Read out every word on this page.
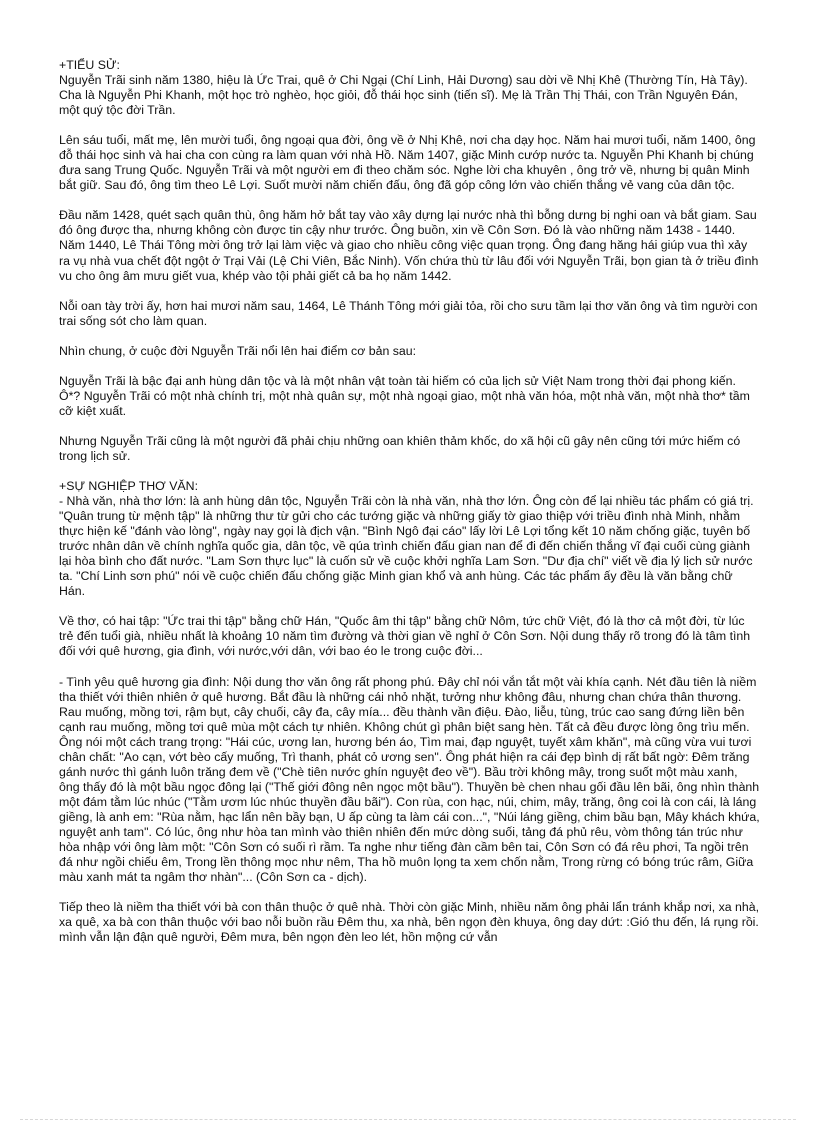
+TIỂU SỬ:

Nguyễn Trãi sinh năm 1380, hiệu là Ức Trai, quê ở Chi Ngại (Chí Linh, Hải Dương) sau dời về Nhị Khê (Thường Tín, Hà Tây). Cha là Nguyễn Phi Khanh, một học trò nghèo, học giỏi, đỗ thái học sinh (tiến sĩ). Mẹ là Trần Thị Thái, con Trần Nguyên Đán, một quý tộc đời Trần.

Lên sáu tuổi, mất mẹ, lên mười tuổi, ông ngoại qua đời, ông về ở Nhị Khê, nơi cha dạy học. Năm hai mươi tuổi, năm 1400, ông đỗ thái học sinh và hai cha con cùng ra làm quan với nhà Hồ. Năm 1407, giặc Minh cướp nước ta. Nguyễn Phi Khanh bị chúng đưa sang Trung Quốc. Nguyễn Trãi và một người em đi theo chăm sóc. Nghe lời cha khuyên , ông trở về, nhưng bị quân Minh bắt giữ. Sau đó, ông tìm theo Lê Lợi. Suốt mười năm chiến đấu, ông đã góp công lớn vào chiến thắng vẻ vang của dân tộc.

Đầu năm 1428, quét sạch quân thù, ông hăm hở bắt tay vào xây dựng lại nước nhà thì bỗng dưng bị nghi oan và bắt giam. Sau đó ông được tha, nhưng không còn được tin cậy như trước. Ông buồn, xin về Côn Sơn. Đó là vào những năm 1438 - 1440. Năm 1440, Lê Thái Tông mời ông trở lại làm việc và giao cho nhiều công việc quan trọng. Ông đang hăng hái giúp vua thì xảy ra vụ nhà vua chết đột ngột ở Trại Vải (Lệ Chi Viên, Bắc Ninh). Vốn chứa thù từ lâu đối với Nguyễn Trãi, bọn gian tà ở triều đình vu cho ông âm mưu giết vua, khép vào tội phải giết cả ba họ năm 1442.

Nỗi oan tày trời ấy, hơn hai mươi năm sau, 1464, Lê Thánh Tông mới giải tỏa, rồi cho sưu tầm lại thơ văn ông và tìm người con trai sống sót cho làm quan.

Nhìn chung, ở cuộc đời Nguyễn Trãi nổi lên hai điểm cơ bản sau:

Nguyễn Trãi là bậc đại anh hùng dân tộc và là một nhân vật toàn tài hiếm có của lịch sử Việt Nam trong thời đại phong kiến. Ô*? Nguyễn Trãi có một nhà chính trị, một nhà quân sự, một nhà ngoại giao, một nhà văn hóa, một nhà văn, một nhà thơ* tầm cỡ kiệt xuất.

Nhưng Nguyễn Trãi cũng là một người đã phải chịu những oan khiên thảm khốc, do xã hội cũ gây nên cũng tới mức hiếm có trong lịch sử.

+SỰ NGHIỆP THƠ VĂN:

- Nhà văn, nhà thơ lớn: là anh hùng dân tộc, Nguyễn Trãi còn là nhà văn, nhà thơ lớn. Ông còn để lại nhiều tác phẩm có giá trị. "Quân trung từ mệnh tập" là những thư từ gửi cho các tướng giặc và những giấy tờ giao thiệp với triều đình nhà Minh, nhằm thực hiện kế "đánh vào lòng", ngày nay gọi là địch vận. "Bình Ngô đại cáo" lấy lời Lê Lợi tổng kết 10 năm chống giặc, tuyên bố trước nhân dân về chính nghĩa quốc gia, dân tộc, về qúa trình chiến đấu gian nan để đi đến chiến thắng vĩ đại cuối cùng giành lại hòa bình cho đất nước. "Lam Sơn thực lục" là cuốn sử về cuộc khởi nghĩa Lam Sơn. "Dư địa chí" viết về địa lý lịch sử nước ta. "Chí Linh sơn phú" nói về cuộc chiến đấu chống giặc Minh gian khổ và anh hùng. Các tác phẩm ấy đều là văn bằng chữ Hán.

Về thơ, có hai tập: "Ức trai thi tập" bằng chữ Hán, "Quốc âm thi tập" bằng chữ Nôm, tức chữ Việt, đó là thơ cả một đời, từ lúc trẻ đến tuổi già, nhiều nhất là khoảng 10 năm tìm đường và thời gian về nghỉ ở Côn Sơn. Nội dung thấy rõ trong đó là tâm tình đối với quê hương, gia đình, với nước,với dân, với bao éo le trong cuộc đời...

- Tình yêu quê hương gia đình: Nội dung thơ văn ông rất phong phú. Đây chỉ nói vắn tắt một vài khía cạnh. Nét đầu tiên là niềm tha thiết với thiên nhiên ở quê hương. Bắt đầu là những cái nhỏ nhặt, tưởng như không đâu, nhưng chan chứa thân thương. Rau muống, mồng tơi, rậm bụt, cây chuối, cây đa, cây mía... đều thành vần điệu. Đào, liễu, tùng, trúc cao sang đứng liền bên cạnh rau muống, mồng tơi quê mùa một cách tự nhiên. Không chút gì phân biệt sang hèn. Tất cả đều được lòng ông trìu mến. Ông nói một cách trang trọng: "Hái cúc, ương lan, hương bén áo, Tìm mai, đạp nguyệt, tuyết xâm khăn", mà cũng vừa vui tươi chân chất: "Ao cạn, vớt bèo cấy muống, Trì thanh, phát cỏ ương sen". Ông phát hiện ra cái đẹp bình dị rất bất ngờ: Đêm trăng gánh nước thì gánh luôn trăng đem về ("Chè tiên nước ghín nguyệt đeo về"). Bầu trời không mây, trong suốt một màu xanh, ông thấy đó là một bầu ngọc đông lại ("Thế giới đông nên ngọc một bầu"). Thuyền bè chen nhau gối đầu lên bãi, ông nhìn thành một đám tằm lúc nhúc ("Tằm ươm lúc nhúc thuyền đầu bãi"). Con rùa, con hạc, núi, chim, mây, trăng, ông coi là con cái, là láng giềng, là anh em: "Rùa nằm, hạc lẩn nên bầy bạn, U ấp cùng ta làm cái con...", "Núi láng giềng, chim bầu bạn, Mây khách khứa, nguyệt anh tam". Có lúc, ông như hòa tan mình vào thiên nhiên đến mức dòng suối, tảng đá phủ rêu, vòm thông tán trúc như hòa nhập với ông làm một: "Côn Sơn có suối rì rầm. Ta nghe như tiếng đàn cầm bên tai, Côn Sơn có đá rêu phơi, Ta ngồi trên đá như ngồi chiếu êm, Trong lền thông mọc như nêm, Tha hồ muôn lọng ta xem chốn nằm, Trong rừng có bóng trúc râm, Giữa màu xanh mát ta ngâm thơ nhàn"... (Côn Sơn ca - dịch).

Tiếp theo là niềm tha thiết với bà con thân thuộc ở quê nhà. Thời còn giặc Minh, nhiều năm ông phải lẩn tránh khắp nơi, xa nhà, xa quê, xa bà con thân thuộc với bao nỗi buồn rầu Đêm thu, xa nhà, bên ngọn đèn khuya, ông day dứt: :Gió thu đến, lá rụng rồi. mình vẫn lận đận quê người, Đêm mưa, bên ngọn đèn leo lét, hồn mộng cứ vẫn
